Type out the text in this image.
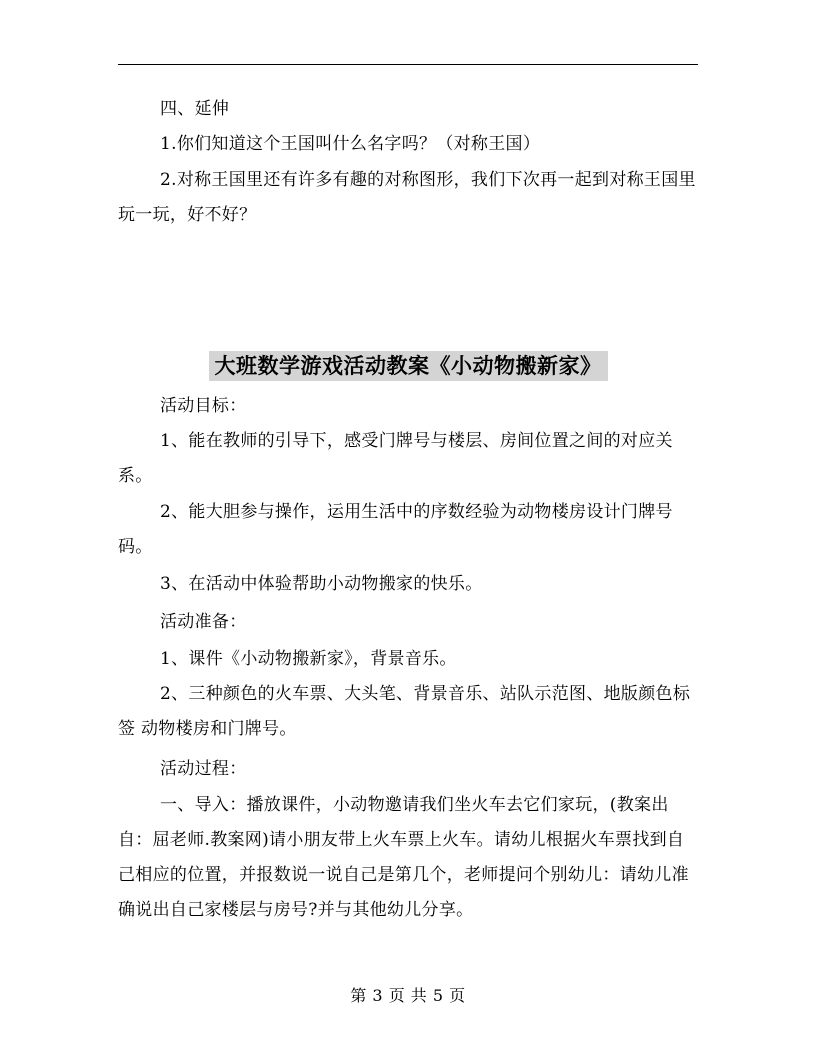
四、延伸

1.你们知道这个王国叫什么名字吗？（对称王国）

2.对称王国里还有许多有趣的对称图形，我们下次再一起到对称王国里玩一玩，好不好？

大班数学游戏活动教案《小动物搬新家》

活动目标：

1、能在教师的引导下，感受门牌号与楼层、房间位置之间的对应关系。

2、能大胆参与操作，运用生活中的序数经验为动物楼房设计门牌号码。

3、在活动中体验帮助小动物搬家的快乐。

活动准备：

1、课件《小动物搬新家》，背景音乐。

2、三种颜色的火车票、大头笔、背景音乐、站队示范图、地版颜色标签 动物楼房和门牌号。

活动过程：

一、导入：播放课件，小动物邀请我们坐火车去它们家玩，(教案出自：屈老师.教案网)请小朋友带上火车票上火车。请幼儿根据火车票找到自己相应的位置，并报数说一说自己是第几个，老师提问个别幼儿：请幼儿准确说出自己家楼层与房号?并与其他幼儿分享。

第 3 页 共 5 页
